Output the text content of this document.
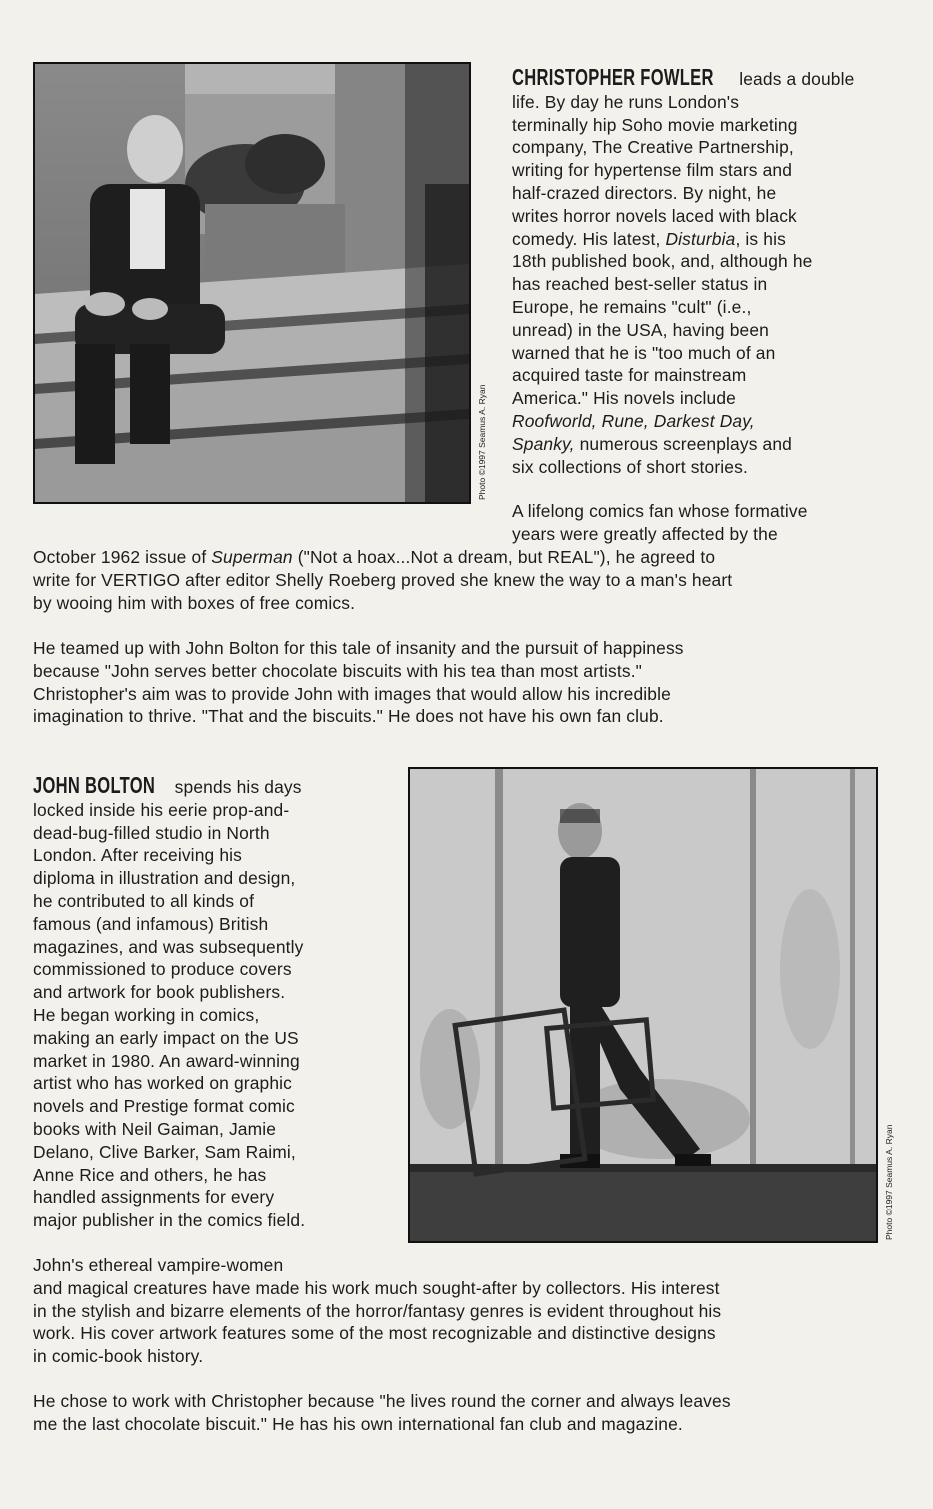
Photo ©1997 Seamus A. Ryan
CHRISTOPHER FOWLER leads a double
life. By day he runs London's
terminally hip Soho movie marketing
company, The Creative Partnership,
writing for hypertense film stars and
half-crazed directors. By night, he
writes horror novels laced with black
comedy. His latest, Disturbia, is his
18th published book, and, although he
has reached best-seller status in
Europe, he remains "cult" (i.e.,
unread) in the USA, having been
warned that he is "too much of an
acquired taste for mainstream
America." His novels include
Roofworld, Rune, Darkest Day,
Spanky, numerous screenplays and
six collections of short stories.
A lifelong comics fan whose formative
years were greatly affected by the
October 1962 issue of Superman ("Not a hoax...Not a dream, but REAL"), he agreed to
write for VERTIGO after editor Shelly Roeberg proved she knew the way to a man's heart
by wooing him with boxes of free comics.
He teamed up with John Bolton for this tale of insanity and the pursuit of happiness
because "John serves better chocolate biscuits with his tea than most artists."
Christopher's aim was to provide John with images that would allow his incredible
imagination to thrive. "That and the biscuits." He does not have his own fan club.
JOHN BOLTON spends his days
locked inside his eerie prop-and-
dead-bug-filled studio in North
London. After receiving his
diploma in illustration and design,
he contributed to all kinds of
famous (and infamous) British
magazines, and was subsequently
commissioned to produce covers
and artwork for book publishers.
He began working in comics,
making an early impact on the US
market in 1980. An award-winning
artist who has worked on graphic
novels and Prestige format comic
books with Neil Gaiman, Jamie
Delano, Clive Barker, Sam Raimi,
Anne Rice and others, he has
handled assignments for every
major publisher in the comics field.	Photo ©1997 Seamus A. Ryan
John's ethereal vampire-women
and magical creatures have made his work much sought-after by collectors. His interest
in the stylish and bizarre elements of the horror/fantasy genres is evident throughout his
work. His cover artwork features some of the most recognizable and distinctive designs
in comic-book history.
He chose to work with Christopher because "he lives round the corner and always leaves
me the last chocolate biscuit." He has his own international fan club and magazine.
